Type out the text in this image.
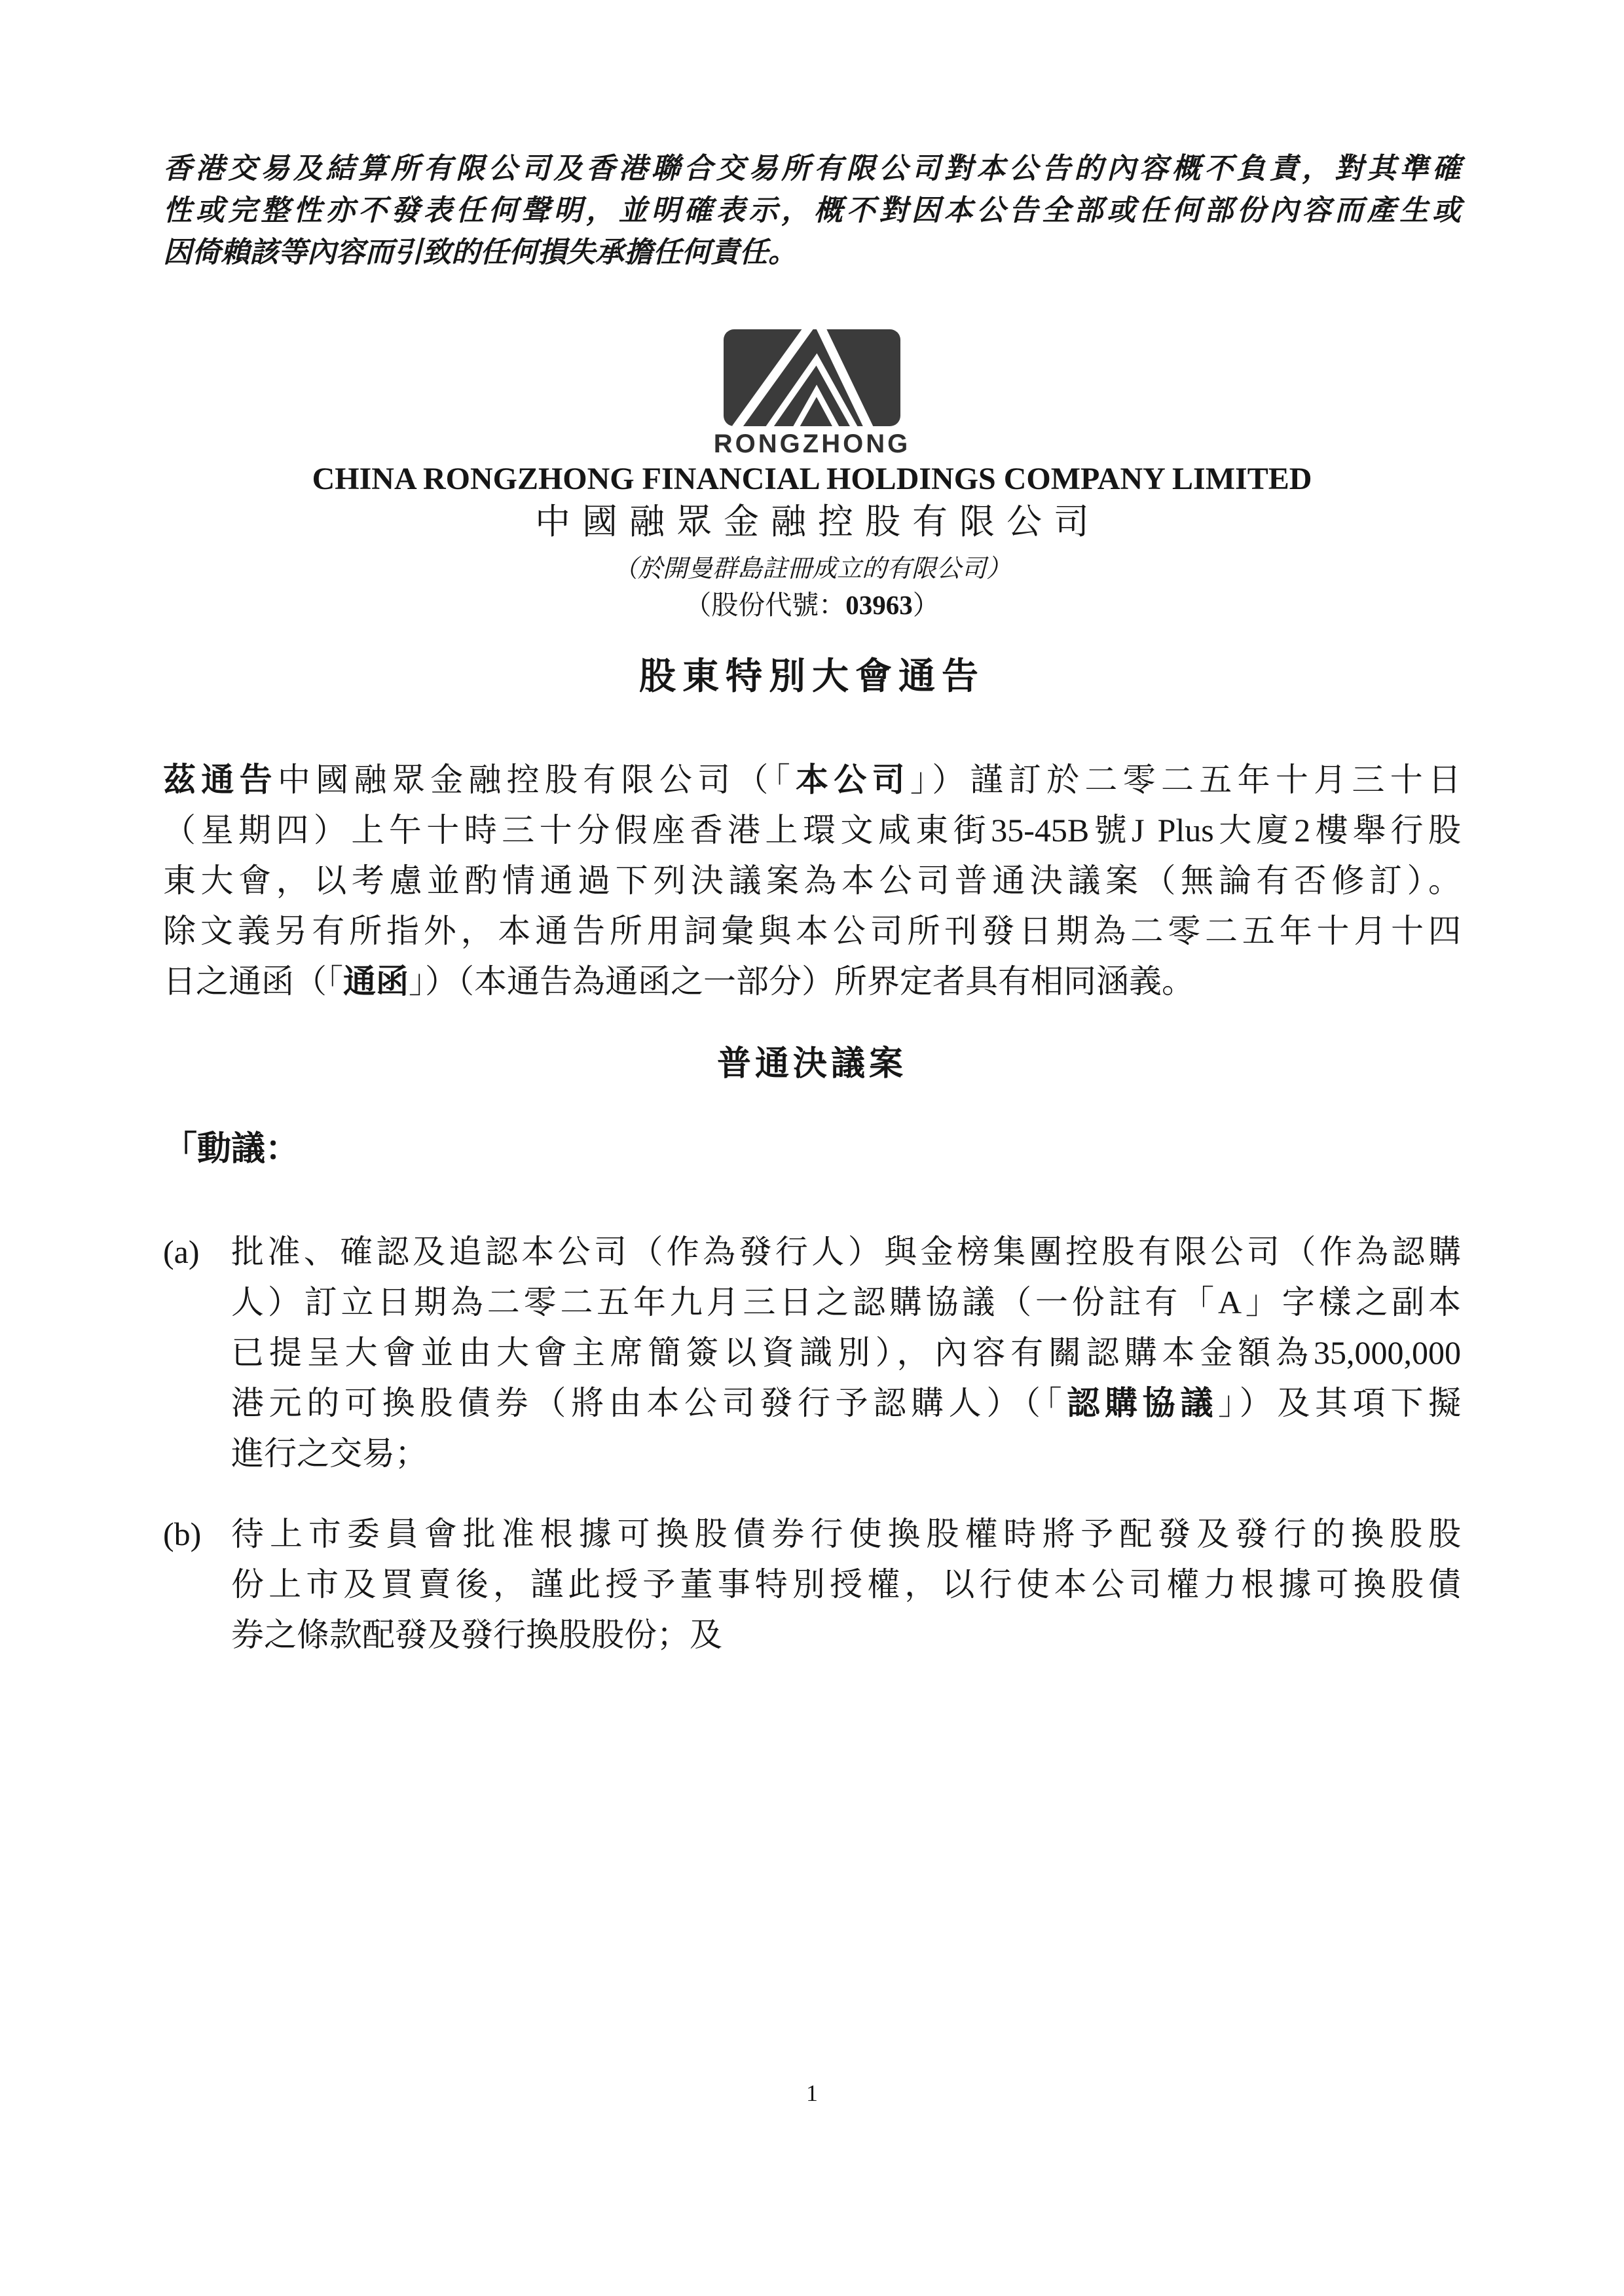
香港交易及結算所有限公司及香港聯合交易所有限公司對本公告的內容概不負責，對其準確
性或完整性亦不發表任何聲明，並明確表示，概不對因本公告全部或任何部份內容而產生或
因倚賴該等內容而引致的任何損失承擔任何責任。
RONGZHONG
CHINA RONGZHONG FINANCIAL HOLDINGS COMPANY LIMITED
中國融眾金融控股有限公司
（於開曼群島註冊成立的有限公司）
（股份代號：03963）
股東特別大會通告
茲通告中國融眾金融控股有限公司（「本公司」）謹訂於二零二五年十月三十日
（星期四）上午十時三十分假座香港上環文咸東街35-45B號J Plus大廈2樓舉行股
東大會，以考慮並酌情通過下列決議案為本公司普通決議案（無論有否修訂）。
除文義另有所指外，本通告所用詞彙與本公司所刊發日期為二零二五年十月十四
日之通函（「通函」）（本通告為通函之一部分）所界定者具有相同涵義。
普通決議案
「動議：
(a) 批准、確認及追認本公司（作為發行人）與金榜集團控股有限公司（作為認購
人）訂立日期為二零二五年九月三日之認購協議（一份註有「A」字樣之副本
已提呈大會並由大會主席簡簽以資識別），內容有關認購本金額為35,000,000
港元的可換股債券（將由本公司發行予認購人）（「認購協議」）及其項下擬
進行之交易；
(b) 待上市委員會批准根據可換股債券行使換股權時將予配發及發行的換股股
份上市及買賣後，謹此授予董事特別授權，以行使本公司權力根據可換股債
券之條款配發及發行換股股份；及
1
